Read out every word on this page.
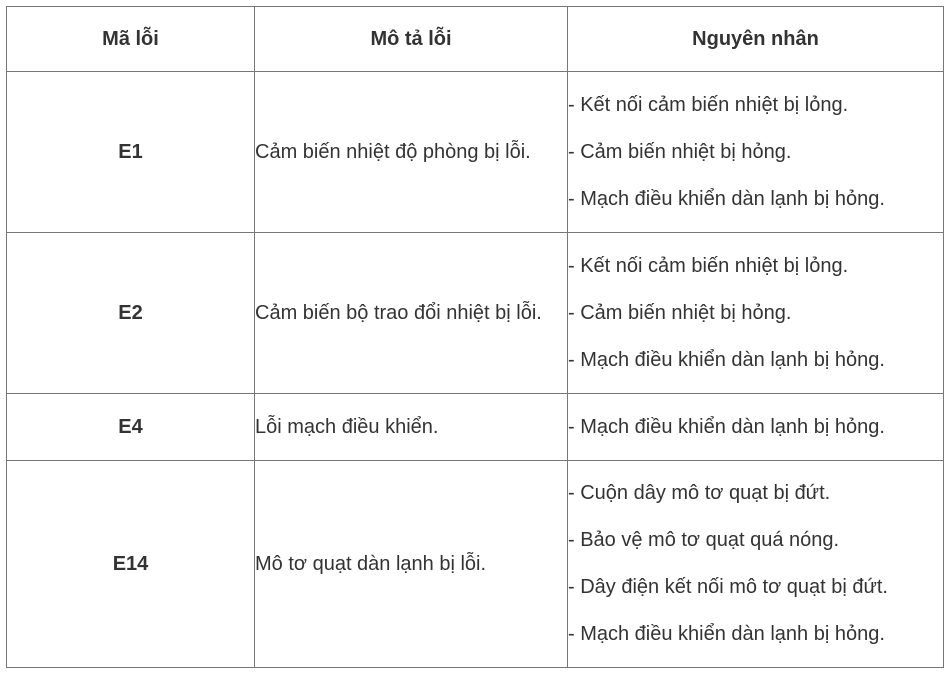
Mã lỗi	Mô tả lỗi	Nguyên nhân
E1	Cảm biến nhiệt độ phòng bị lỗi.	- Kết nối cảm biến nhiệt bị lỏng.
- Cảm biến nhiệt bị hỏng.
- Mạch điều khiển dàn lạnh bị hỏng.

E2	Cảm biến bộ trao đổi nhiệt bị lỗi.	- Kết nối cảm biến nhiệt bị lỏng.
- Cảm biến nhiệt bị hỏng.
- Mạch điều khiển dàn lạnh bị hỏng.

E4	Lỗi mạch điều khiển.	- Mạch điều khiển dàn lạnh bị hỏng.

E14	Mô tơ quạt dàn lạnh bị lỗi.	- Cuộn dây mô tơ quạt bị đứt.
- Bảo vệ mô tơ quạt quá nóng.
- Dây điện kết nối mô tơ quạt bị đứt.
- Mạch điều khiển dàn lạnh bị hỏng.
